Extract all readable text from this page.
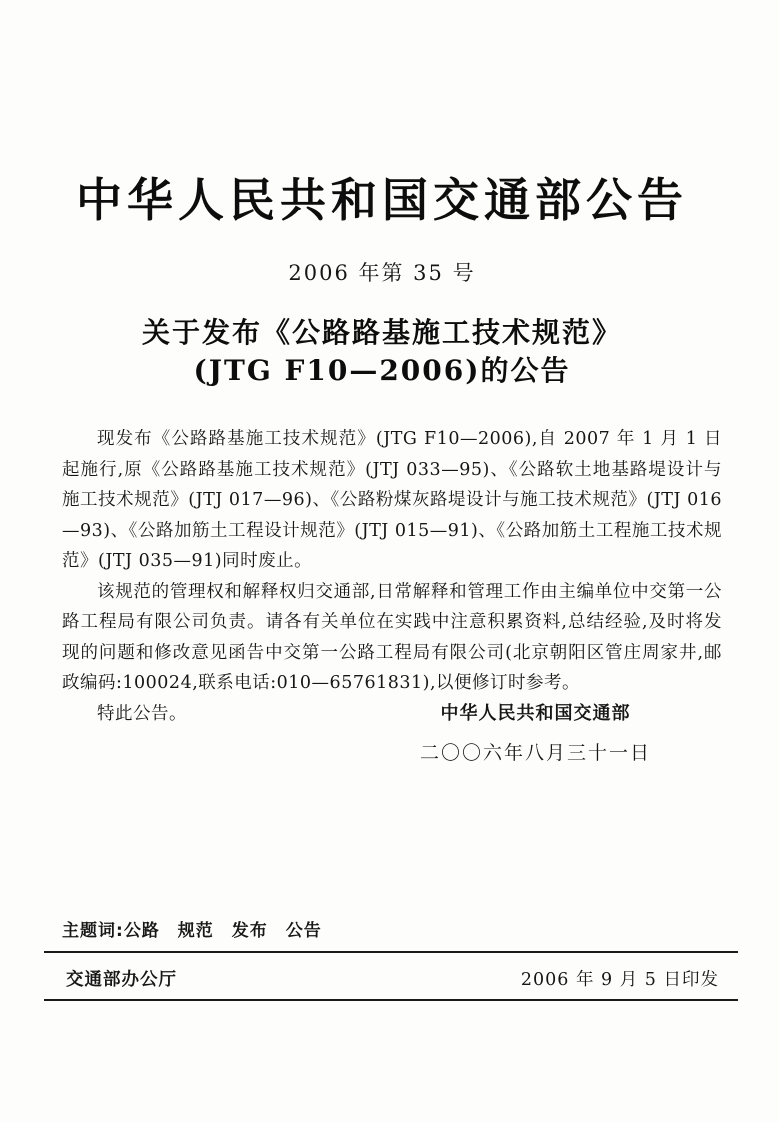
中华人民共和国交通部公告
2006 年第 35 号
关于发布《公路路基施工技术规范》
(JTG F10—2006)的公告

现发布《公路路基施工技术规范》(JTG F10—2006),自 2007 年 1 月 1 日起施行,原《公路路基施工技术规范》(JTJ 033—95)、《公路软土地基路堤设计与施工技术规范》(JTJ 017—96)、《公路粉煤灰路堤设计与施工技术规范》(JTJ 016—93)、《公路加筋土工程设计规范》(JTJ 015—91)、《公路加筋土工程施工技术规范》(JTJ 035—91)同时废止。

该规范的管理权和解释权归交通部,日常解释和管理工作由主编单位中交第一公路工程局有限公司负责。请各有关单位在实践中注意积累资料,总结经验,及时将发现的问题和修改意见函告中交第一公路工程局有限公司(北京朝阳区管庄周家井,邮政编码:100024,联系电话:010—65761831),以便修订时参考。

特此公告。	中华人民共和国交通部
二〇〇六年八月三十一日
主题词:公路　规范　发布　公告
交通部办公厅	2006 年 9 月 5 日印发
